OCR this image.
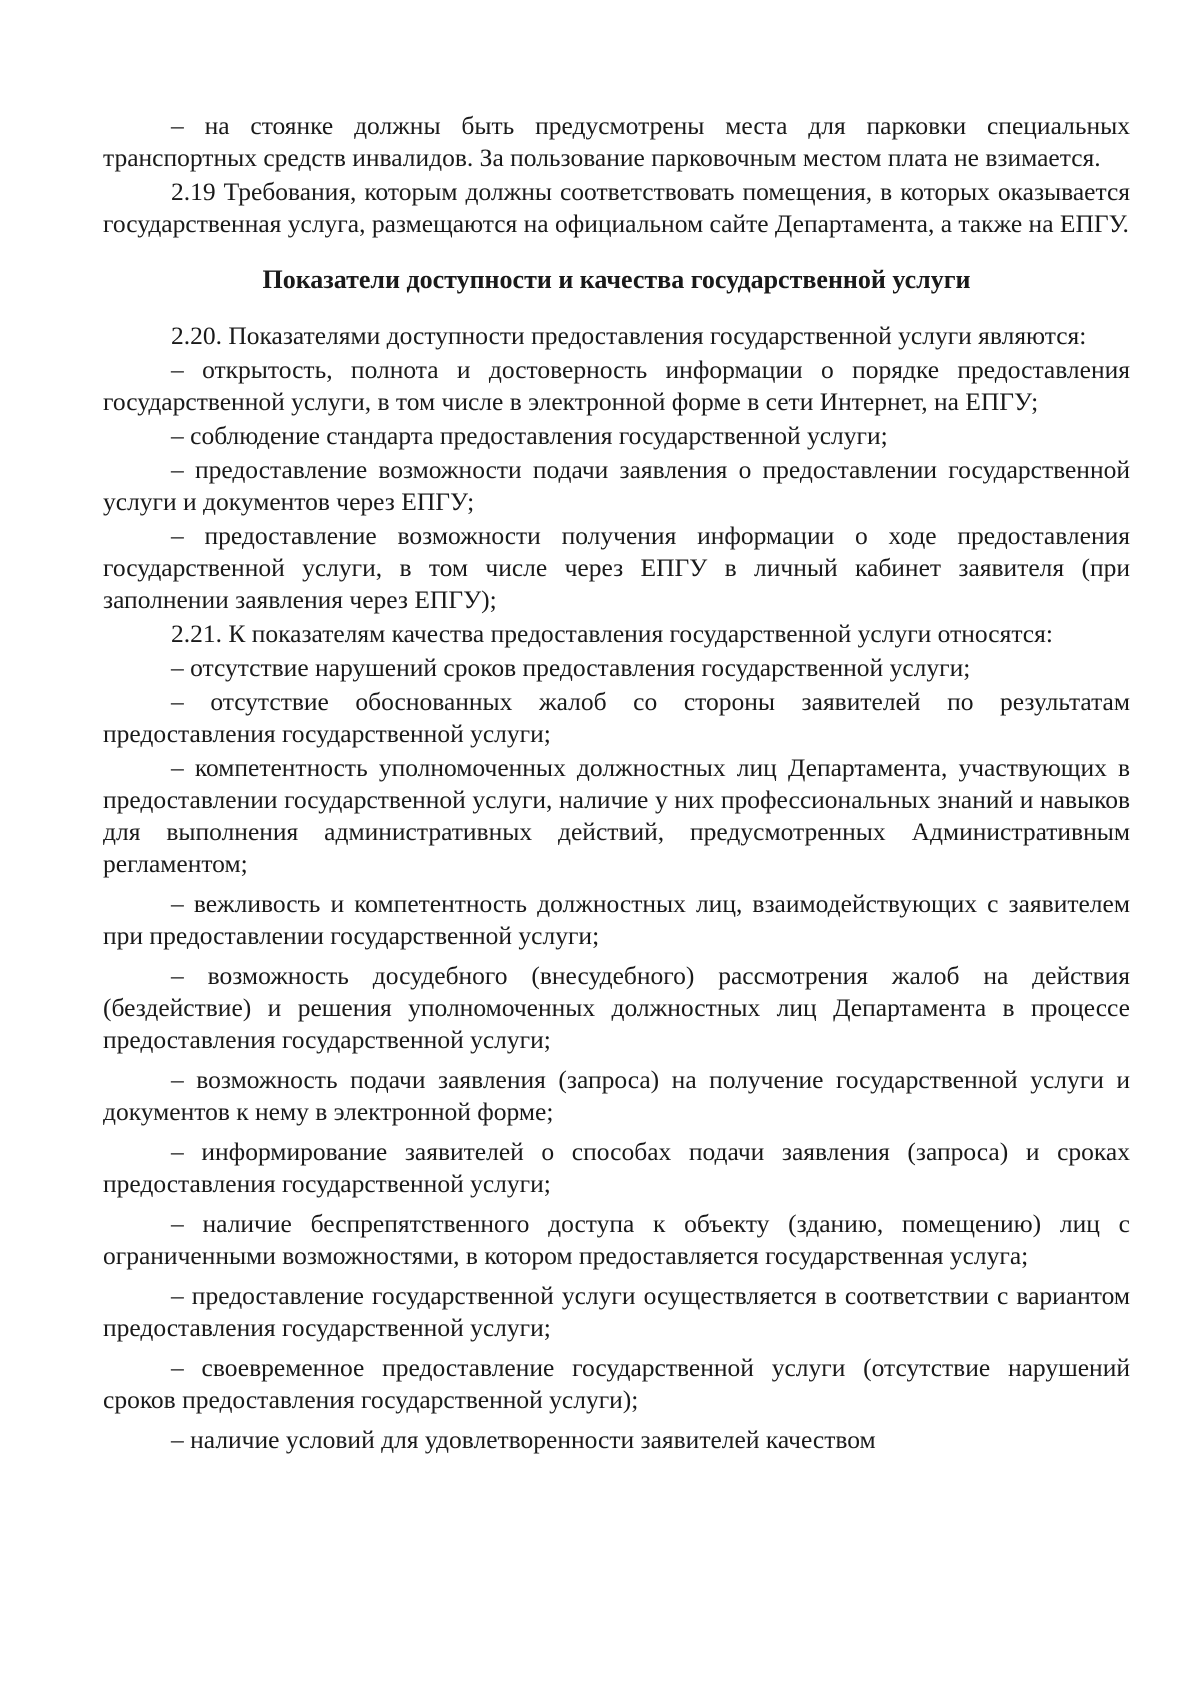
– на стоянке должны быть предусмотрены места для парковки специальных транспортных средств инвалидов. За пользование парковочным местом плата не взимается.

2.19 Требования, которым должны соответствовать помещения, в которых оказывается государственная услуга, размещаются на официальном сайте Департамента, а также на ЕПГУ.

Показатели доступности и качества государственной услуги

2.20. Показателями доступности предоставления государственной услуги являются:

– открытость, полнота и достоверность информации о порядке предоставления государственной услуги, в том числе в электронной форме в сети Интернет, на ЕПГУ;

– соблюдение стандарта предоставления государственной услуги;

– предоставление возможности подачи заявления о предоставлении государственной услуги и документов через ЕПГУ;

– предоставление возможности получения информации о ходе предоставления государственной услуги, в том числе через ЕПГУ в личный кабинет заявителя (при заполнении заявления через ЕПГУ);

2.21. К показателям качества предоставления государственной услуги относятся:

– отсутствие нарушений сроков предоставления государственной услуги;

– отсутствие обоснованных жалоб со стороны заявителей по результатам предоставления государственной услуги;

– компетентность уполномоченных должностных лиц Департамента, участвующих в предоставлении государственной услуги, наличие у них профессиональных знаний и навыков для выполнения административных действий, предусмотренных Административным регламентом;

– вежливость и компетентность должностных лиц, взаимодействующих с заявителем при предоставлении государственной услуги;

– возможность досудебного (внесудебного) рассмотрения жалоб на действия (бездействие) и решения уполномоченных должностных лиц Департамента в процессе предоставления государственной услуги;

– возможность подачи заявления (запроса) на получение государственной услуги и документов к нему в электронной форме;

– информирование заявителей о способах подачи заявления (запроса) и сроках предоставления государственной услуги;

– наличие беспрепятственного доступа к объекту (зданию, помещению) лиц с ограниченными возможностями, в котором предоставляется государственная услуга;

– предоставление государственной услуги осуществляется в соответствии с вариантом предоставления государственной услуги;

– своевременное предоставление государственной услуги (отсутствие нарушений сроков предоставления государственной услуги);

– наличие условий для удовлетворенности заявителей качеством
